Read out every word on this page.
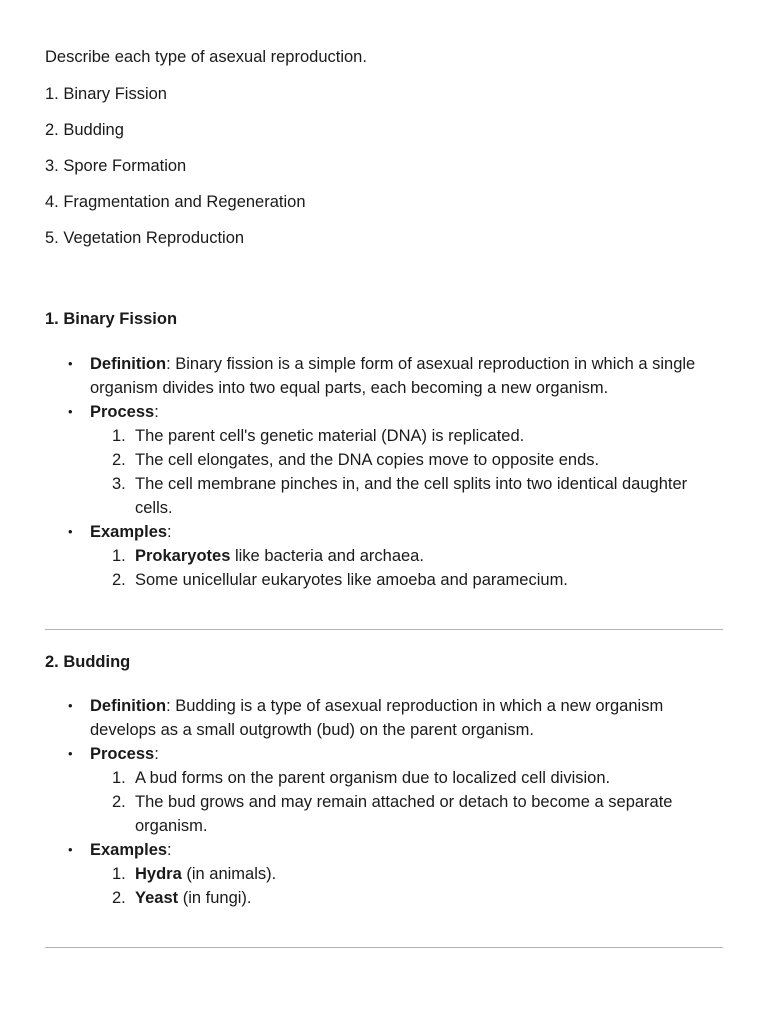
Describe each type of asexual reproduction.
1. Binary Fission
2. Budding
3. Spore Formation
4. Fragmentation and Regeneration
5. Vegetation Reproduction
1. Binary Fission
• Definition: Binary fission is a simple form of asexual reproduction in which a single organism divides into two equal parts, each becoming a new organism.
• Process:
1. The parent cell's genetic material (DNA) is replicated.
2. The cell elongates, and the DNA copies move to opposite ends.
3. The cell membrane pinches in, and the cell splits into two identical daughter cells.
• Examples:
1. Prokaryotes like bacteria and archaea.
2. Some unicellular eukaryotes like amoeba and paramecium.
2. Budding
• Definition: Budding is a type of asexual reproduction in which a new organism develops as a small outgrowth (bud) on the parent organism.
• Process:
1. A bud forms on the parent organism due to localized cell division.
2. The bud grows and may remain attached or detach to become a separate organism.
• Examples:
1. Hydra (in animals).
2. Yeast (in fungi).
